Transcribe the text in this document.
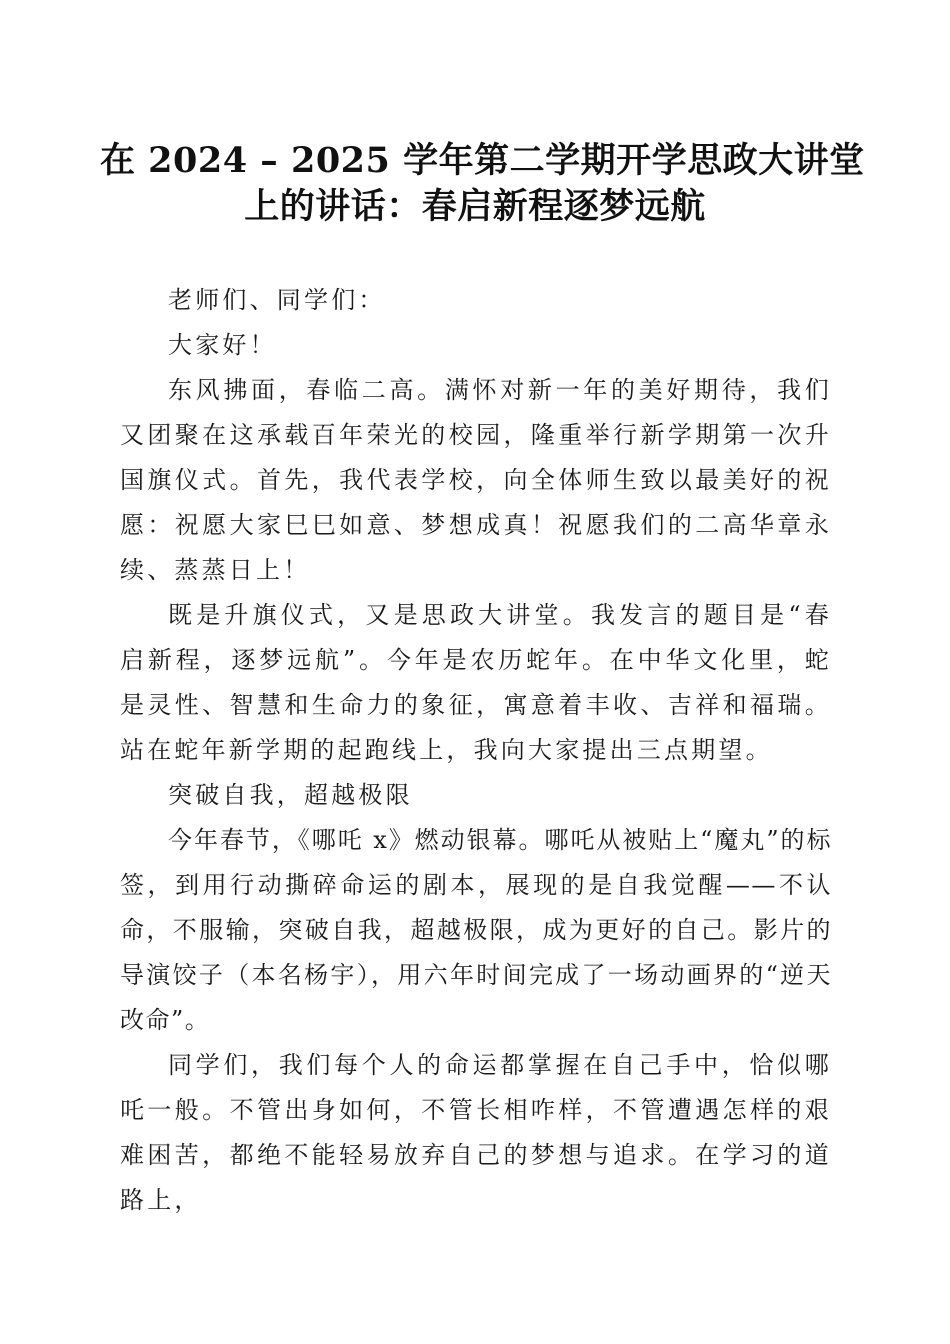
在 2024 – 2025 学年第二学期开学思政大讲堂
上的讲话：春启新程逐梦远航

老师们、同学们：

大家好！

东风拂面，春临二高。满怀对新一年的美好期待，我们又团聚在这承载百年荣光的校园，隆重举行新学期第一次升国旗仪式。首先，我代表学校，向全体师生致以最美好的祝愿：祝愿大家巳巳如意、梦想成真！祝愿我们的二高华章永续、蒸蒸日上！

既是升旗仪式，又是思政大讲堂。我发言的题目是“春启新程，逐梦远航”。今年是农历蛇年。在中华文化里，蛇是灵性、智慧和生命力的象征，寓意着丰收、吉祥和福瑞。站在蛇年新学期的起跑线上，我向大家提出三点期望。

突破自我，超越极限

今年春节，《哪吒 x》燃动银幕。哪吒从被贴上“魔丸”的标签，到用行动撕碎命运的剧本，展现的是自我觉醒——不认命，不服输，突破自我，超越极限，成为更好的自己。影片的导演饺子（本名杨宇），用六年时间完成了一场动画界的“逆天改命”。

同学们，我们每个人的命运都掌握在自己手中，恰似哪吒一般。不管出身如何，不管长相咋样，不管遭遇怎样的艰难困苦，都绝不能轻易放弃自己的梦想与追求。在学习的道路上，
